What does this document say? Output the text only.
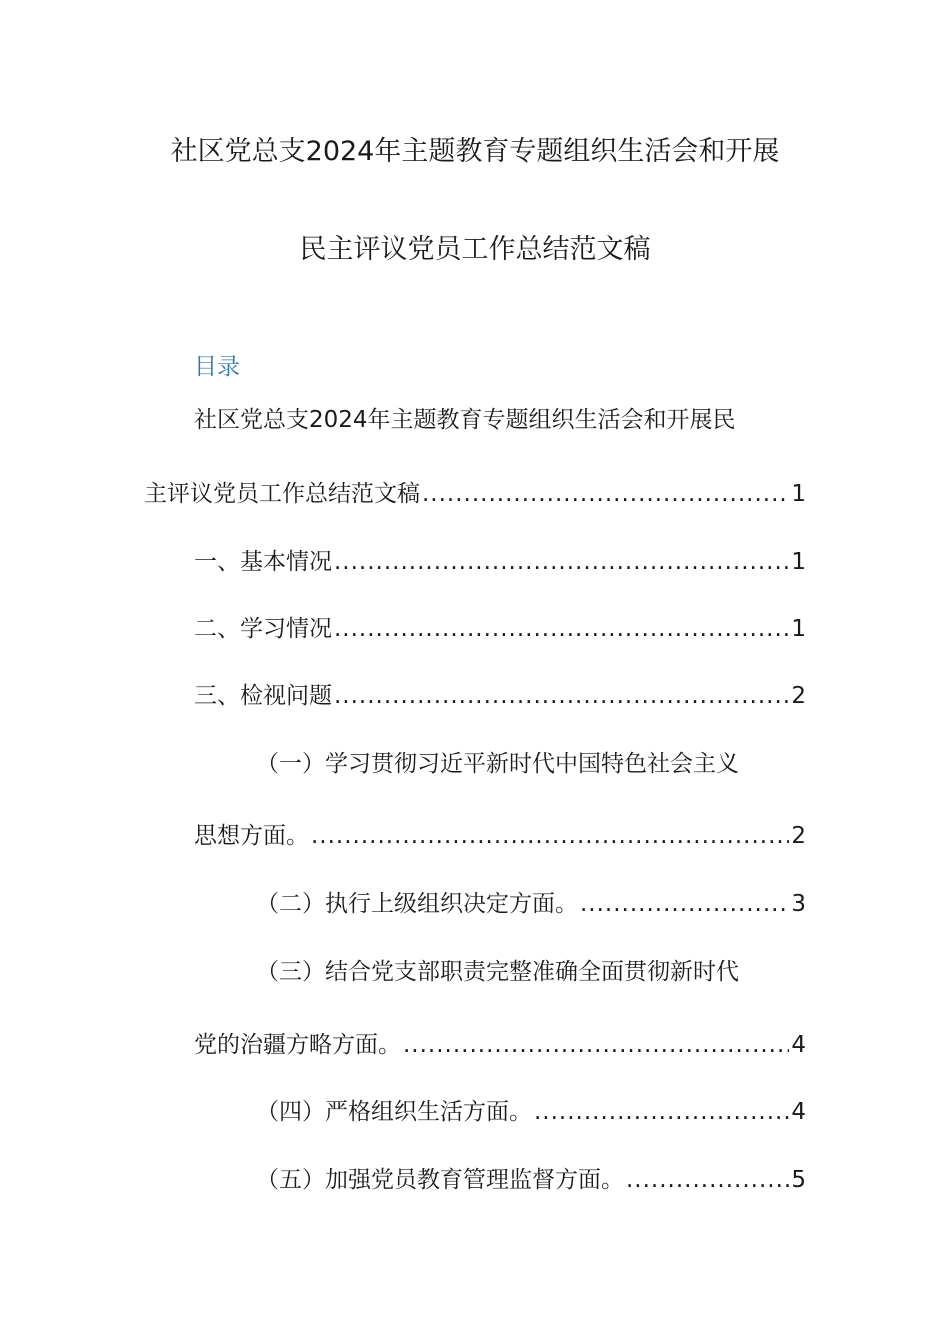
社区党总支2024年主题教育专题组织生活会和开展
民主评议党员工作总结范文稿
目录
社区党总支2024年主题教育专题组织生活会和开展民
主评议党员工作总结范文稿 .....	1
一、基本情况 .....	1
二、学习情况 .....	1
三、检视问题 .....	2
（一）学习贯彻习近平新时代中国特色社会主义
思想方面。 .....	2
（二）执行上级组织决定方面。 .....	3
（三）结合党支部职责完整准确全面贯彻新时代
党的治疆方略方面。 .....	4
（四）严格组织生活方面。 .....	4
（五）加强党员教育管理监督方面。 .....	5
